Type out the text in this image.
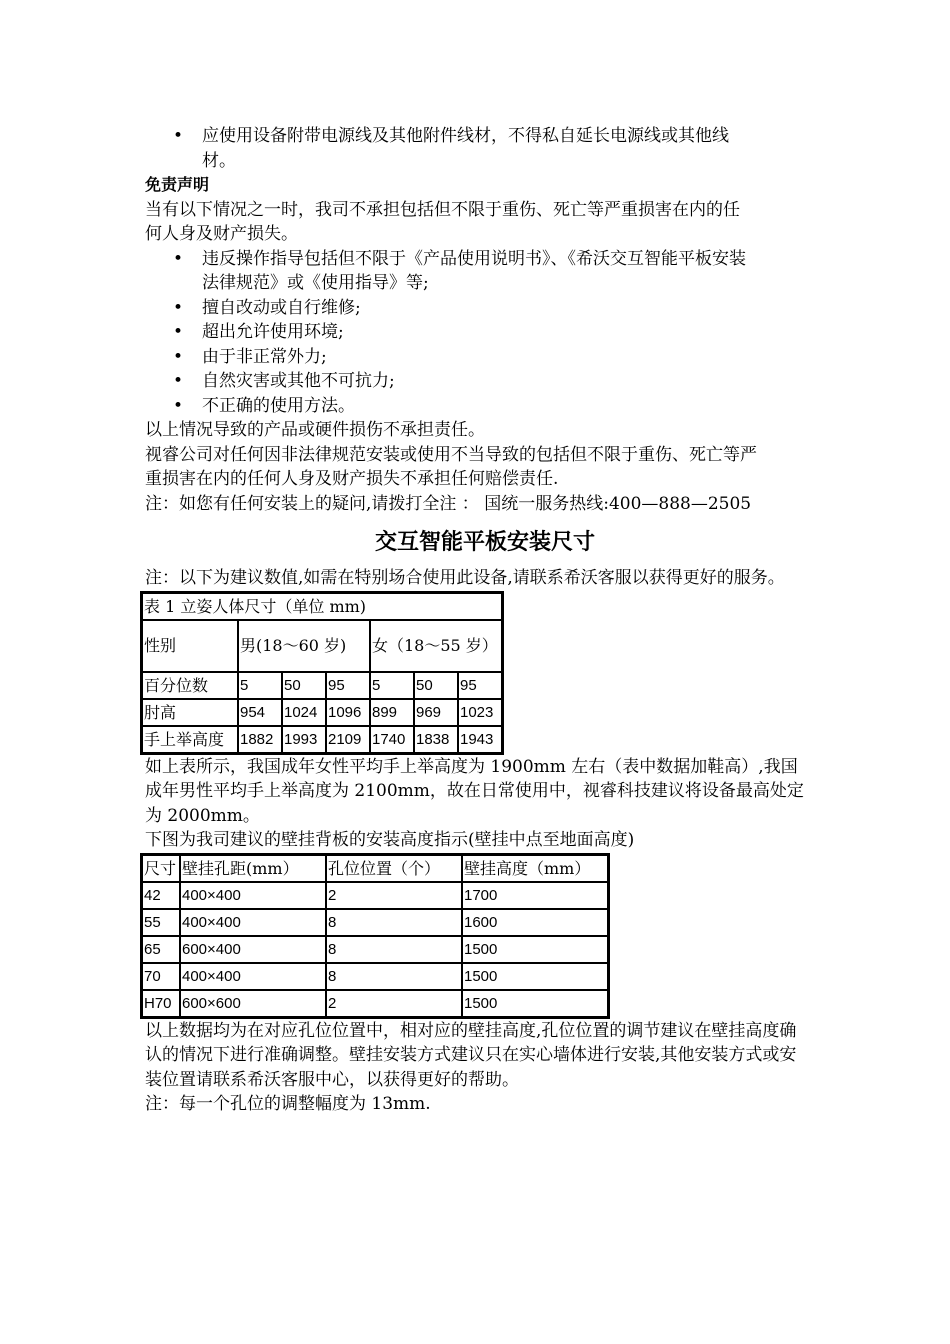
• 应使用设备附带电源线及其他附件线材，不得私自延长电源线或其他线材。
免责声明
当有以下情况之一时，我司不承担包括但不限于重伤、死亡等严重损害在内的任何人身及财产损失。
• 违反操作指导包括但不限于《产品使用说明书》、《希沃交互智能平板安装法律规范》或《使用指导》等;
• 擅自改动或自行维修;
• 超出允许使用环境;
• 由于非正常外力;
• 自然灾害或其他不可抗力;
• 不正确的使用方法。
以上情况导致的产品或硬件损伤不承担责任。
视睿公司对任何因非法律规范安装或使用不当导致的包括但不限于重伤、死亡等严重损害在内的任何人身及财产损失不承担任何赔偿责任.
注：如您有任何安装上的疑问,请拨打全注 ： 国统一服务热线:400—888—2505
交互智能平板安装尺寸
注：以下为建议数值,如需在特别场合使用此设备,请联系希沃客服以获得更好的服务。
表 1 立姿人体尺寸（单位 mm)						
性别	男(18～60 岁)			女（18～55 岁）		
百分位数	5	50	95	5	50	95
肘高	954	1024	1096	899	969	1023
手上举高度	1882	1993	2109	1740	1838	1943
如上表所示，我国成年女性平均手上举高度为 1900mm 左右（表中数据加鞋高）,我国成年男性平均手上举高度为 2100mm，故在日常使用中，视睿科技建议将设备最高处定为 2000mm。
下图为我司建议的壁挂背板的安装高度指示(壁挂中点至地面高度)
尺寸	壁挂孔距(mm）	孔位位置（个）	壁挂高度（mm）
42	400×400	2	1700
55	400×400	8	1600
65	600×400	8	1500
70	400×400	8	1500
H70	600×600	2	1500
以上数据均为在对应孔位位置中，相对应的壁挂高度,孔位位置的调节建议在壁挂高度确认的情况下进行准确调整。壁挂安装方式建议只在实心墙体进行安装,其他安装方式或安装位置请联系希沃客服中心，以获得更好的帮助。
注：每一个孔位的调整幅度为 13mm.
